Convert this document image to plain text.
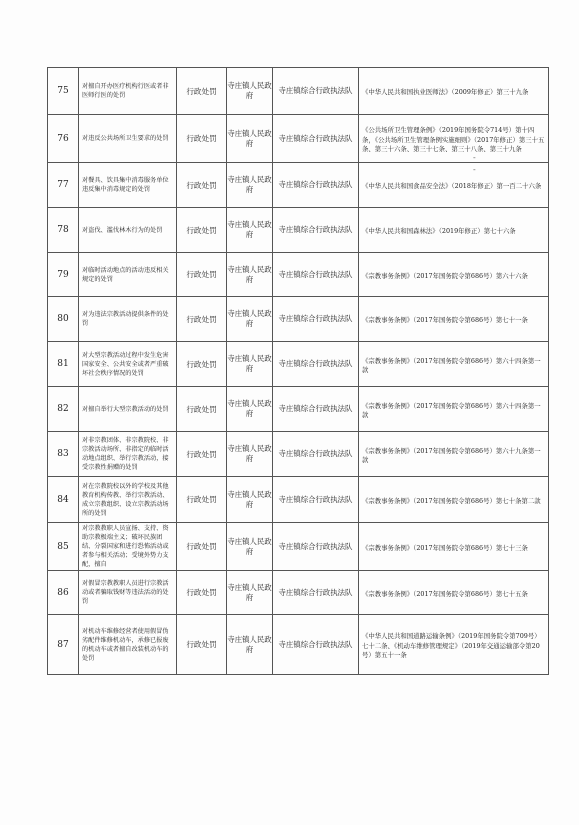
75	对擅自开办医疗机构行医或者非医师行医的处罚	行政处罚	寺庄镇人民政府	寺庄镇综合行政执法队	《中华人民共和国执业医师法》（2009年修正）第三十九条

76	对违反公共场所卫生要求的处罚	行政处罚	寺庄镇人民政府	寺庄镇综合行政执法队	《公共场所卫生管理条例》（2019年国务院令714号）第十四条，《公共场所卫生管理条例实施细则》（2017年修正）第三十五条、第三十六条、第三十七条、第三十八条、第三十九条

77	对餐具、饮具集中消毒服务单位违反集中消毒规定的处罚	行政处罚	寺庄镇人民政府	寺庄镇综合行政执法队	《中华人民共和国食品安全法》（2018年修正）第一百二十六条

78	对盗伐、滥伐林木行为的处罚	行政处罚	寺庄镇人民政府	寺庄镇综合行政执法队	《中华人民共和国森林法》（2019年修正）第七十六条

79	对临时活动地点的活动违反相关规定的处罚	行政处罚	寺庄镇人民政府	寺庄镇综合行政执法队	《宗教事务条例》（2017年国务院令第686号）第六十六条

80	对为违法宗教活动提供条件的处罚	行政处罚	寺庄镇人民政府	寺庄镇综合行政执法队	《宗教事务条例》（2017年国务院令第686号）第七十一条

81	对大型宗教活动过程中发生危害国家安全、公共安全或者严重破坏社会秩序情况的处罚	行政处罚	寺庄镇人民政府	寺庄镇综合行政执法队	《宗教事务条例》（2017年国务院令第686号）第六十四条第一款

82	对擅自举行大型宗教活动的处罚	行政处罚	寺庄镇人民政府	寺庄镇综合行政执法队	《宗教事务条例》（2017年国务院令第686号）第六十四条第一款

83	对非宗教团体、非宗教院校、非宗教活动场所、非指定的临时活动地点组织、举行宗教活动，接受宗教性捐赠的处罚	行政处罚	寺庄镇人民政府	寺庄镇综合行政执法队	《宗教事务条例》（2017年国务院令第686号）第六十九条第一款

84	对在宗教院校以外的学校及其他教育机构传教、举行宗教活动、成立宗教组织、设立宗教活动场所的处罚	行政处罚	寺庄镇人民政府	寺庄镇综合行政执法队	《宗教事务条例》（2017年国务院令第686号）第七十条第二款

85	对宗教教职人员宣扬、支持、资助宗教极端主义；破坏民族团结、分裂国家和进行恐怖活动或者参与相关活动；受境外势力支配，擅自	行政处罚	寺庄镇人民政府	寺庄镇综合行政执法队	《宗教事务条例》（2017年国务院令第686号）第七十三条

86	对假冒宗教教职人员进行宗教活动或者骗取钱财等违法活动的处罚	行政处罚	寺庄镇人民政府	寺庄镇综合行政执法队	《宗教事务条例》（2017年国务院令第686号）第七十五条

87	对机动车维修经营者使用假冒伪劣配件维修机动车，承修已报废的机动车或者擅自改装机动车的处罚	行政处罚	寺庄镇人民政府	寺庄镇综合行政执法队	《中华人民共和国道路运输条例》（2019年国务院令第709号）七十二条、《机动车维修管理规定》（2019年交通运输部令第20号）第五十一条
-
-
